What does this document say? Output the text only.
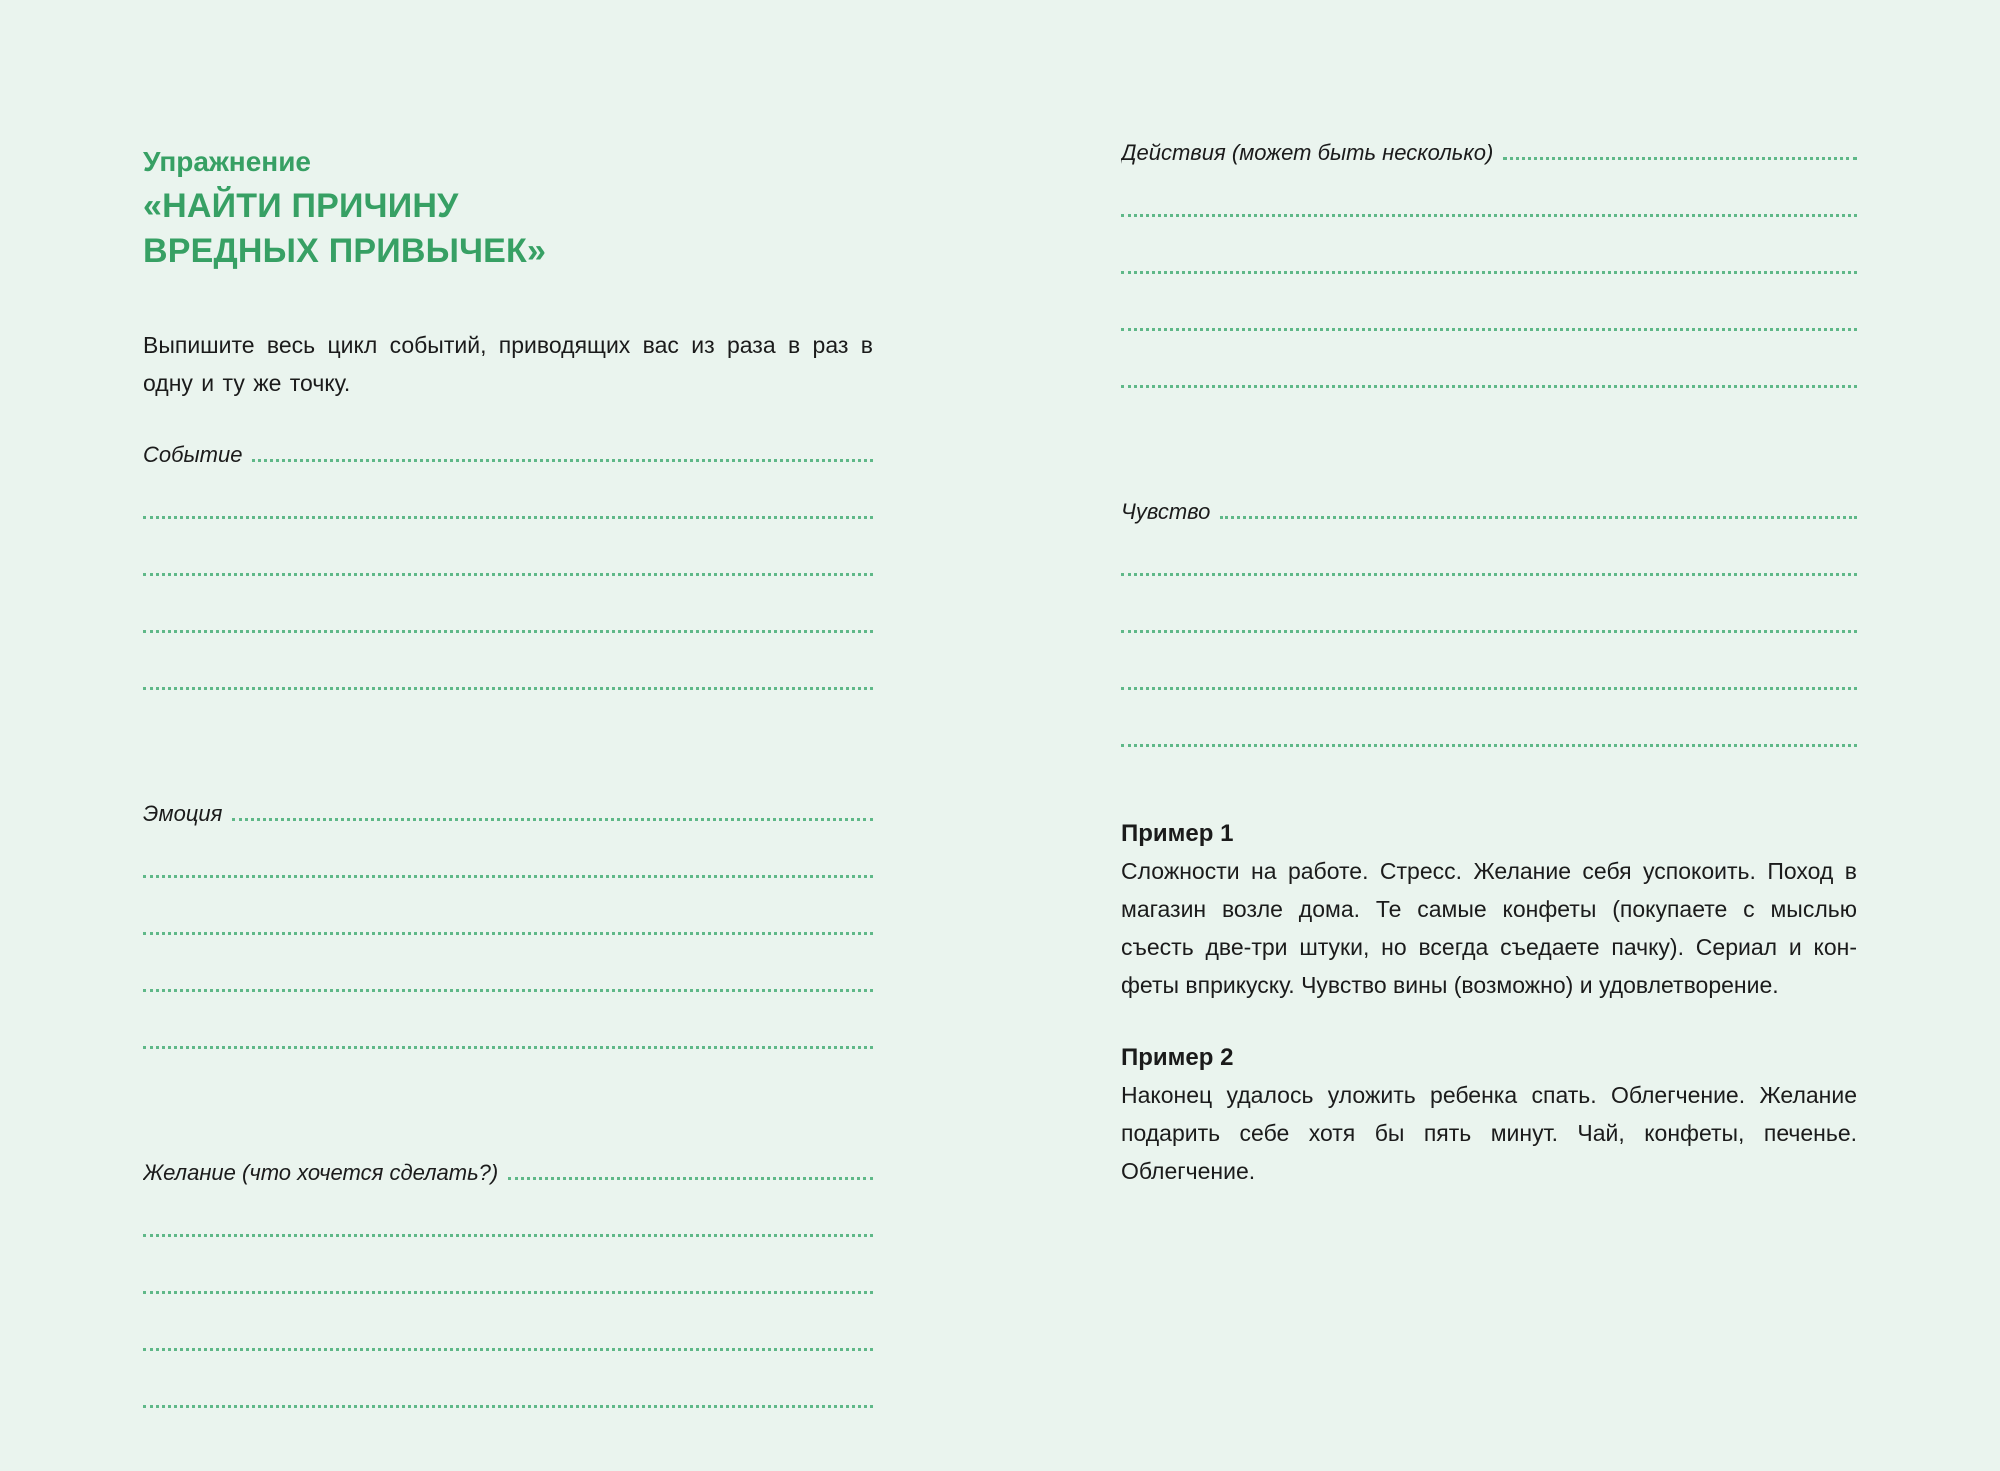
Упражнение
«НАЙТИ ПРИЧИНУ
ВРЕДНЫХ ПРИВЫЧЕК»
Выпишите весь цикл событий, приводящих вас из раза в раз в одну и ту же точку.
Событие
Эмоция
Желание (что хочется сделать?)
Действия (может быть несколько)
Чувство
Пример 1
Сложности на работе. Стресс. Желание себя успокоить. Поход в магазин возле дома. Те самые конфеты (покупаете с мыслью съесть две-три штуки, но всегда съедаете пачку). Сериал и кон-феты вприкуску. Чувство вины (возможно) и удовлетворение.
Пример 2
Наконец удалось уложить ребенка спать. Облегчение. Желание подарить себе хотя бы пять минут. Чай, конфеты, печенье. Облегчение.
